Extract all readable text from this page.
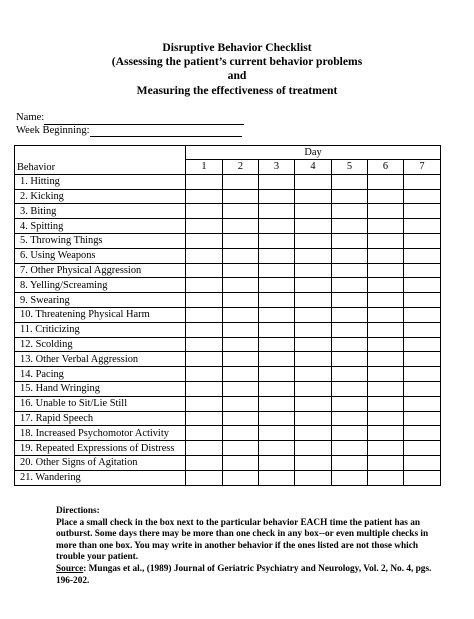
Disruptive Behavior Checklist
(Assessing the patient’s current behavior problems
and
Measuring the effectiveness of treatment
Name:
Week Beginning:
Behavior	Day						
	1	2	3	4	5	6	7
1. Hitting							
2. Kicking							
3. Biting							
4. Spitting							
5. Throwing Things							
6. Using Weapons							
7. Other Physical Aggression							
8. Yelling/Screaming							
9. Swearing							
10. Threatening Physical Harm							
11. Criticizing							
12. Scolding							
13. Other Verbal Aggression							
14. Pacing							
15. Hand Wringing							
16. Unable to Sit/Lie Still							
17. Rapid Speech							
18. Increased Psychomotor Activity							
19. Repeated Expressions of Distress							
20. Other Signs of Agitation							
21. Wandering							
Directions:
Place a small check in the box next to the particular behavior EACH time the patient has an outburst. Some days there may be more than one check in any box--or even multiple checks in more than one box. You may write in another behavior if the ones listed are not those which trouble your patient.
Source: Mungas et al., (1989) Journal of Geriatric Psychiatry and Neurology, Vol. 2, No. 4, pgs. 196-202.
